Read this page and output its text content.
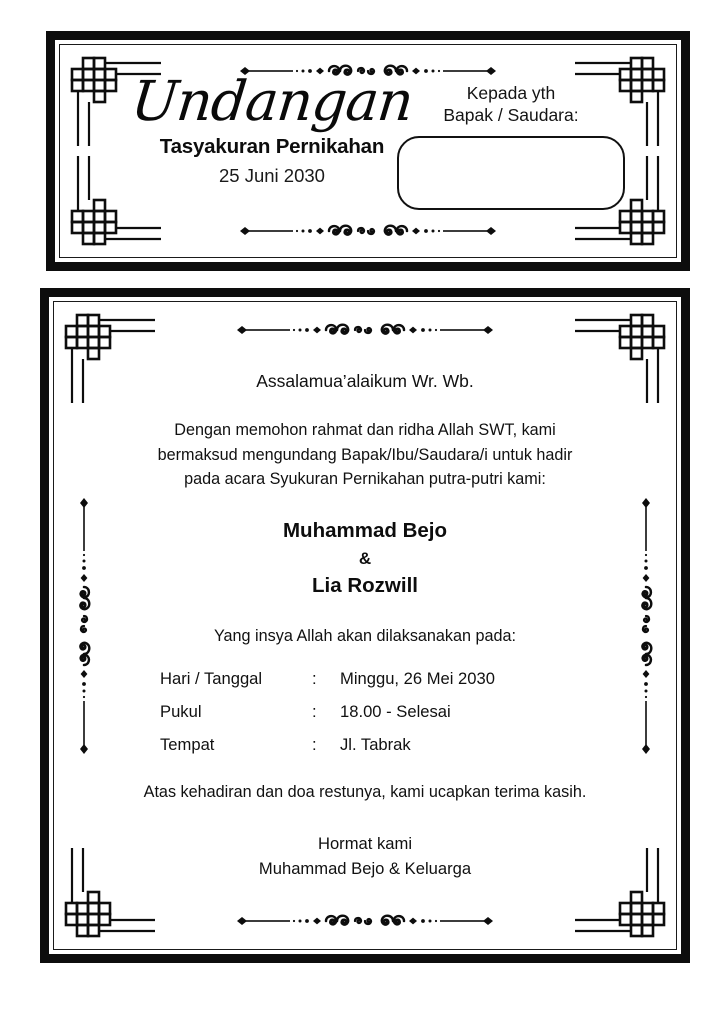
Undangan
Tasyakuran Pernikahan
25 Juni 2030
Kepada yth
Bapak / Saudara:

Assalamua’alaikum Wr. Wb.

Dengan memohon rahmat dan ridha Allah SWT, kami
bermaksud mengundang Bapak/Ibu/Saudara/i untuk hadir
pada acara Syukuran Pernikahan putra-putri kami:

Muhammad Bejo
&
Lia Rozwill

Yang insya Allah akan dilaksanakan pada:

Hari / Tanggal	:	Minggu, 26 Mei 2030
Pukul	:	18.00 - Selesai
Tempat	:	Jl. Tabrak

Atas kehadiran dan doa restunya, kami ucapkan terima kasih.

Hormat kami
Muhammad Bejo & Keluarga
